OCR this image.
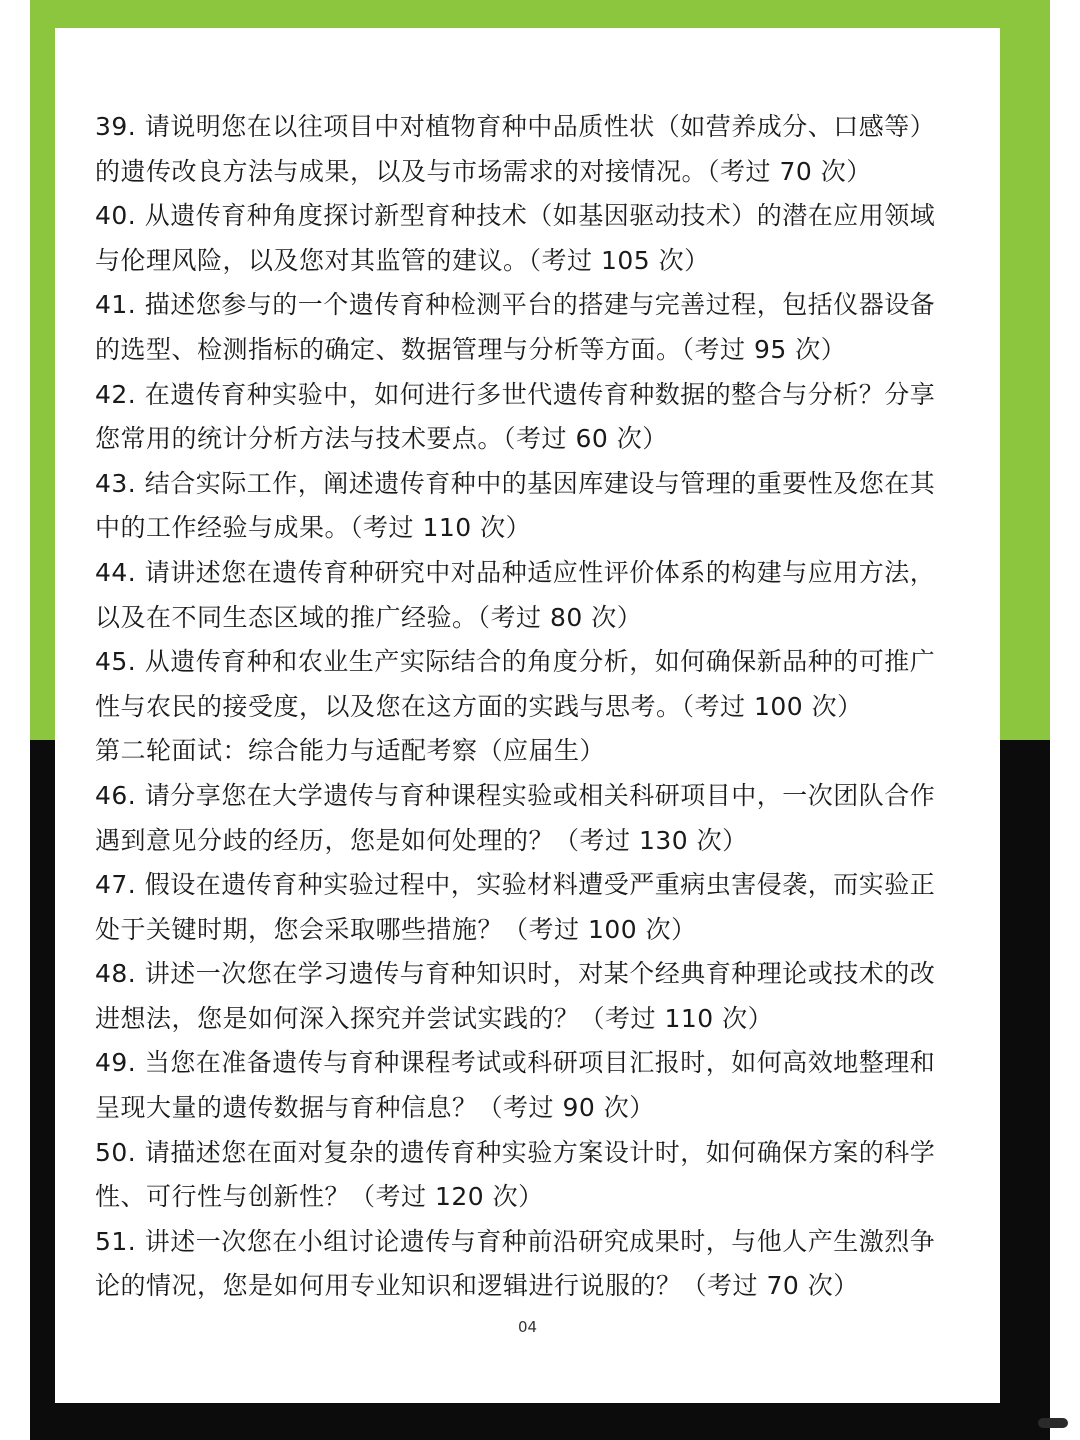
39. 请说明您在以往项目中对植物育种中品质性状（如营养成分、口感等）
的遗传改良方法与成果，以及与市场需求的对接情况。（考过 70 次）
40. 从遗传育种角度探讨新型育种技术（如基因驱动技术）的潜在应用领域
与伦理风险，以及您对其监管的建议。（考过 105 次）
41. 描述您参与的一个遗传育种检测平台的搭建与完善过程，包括仪器设备
的选型、检测指标的确定、数据管理与分析等方面。（考过 95 次）
42. 在遗传育种实验中，如何进行多世代遗传育种数据的整合与分析？分享
您常用的统计分析方法与技术要点。（考过 60 次）
43. 结合实际工作，阐述遗传育种中的基因库建设与管理的重要性及您在其
中的工作经验与成果。（考过 110 次）
44. 请讲述您在遗传育种研究中对品种适应性评价体系的构建与应用方法，
以及在不同生态区域的推广经验。（考过 80 次）
45. 从遗传育种和农业生产实际结合的角度分析，如何确保新品种的可推广
性与农民的接受度，以及您在这方面的实践与思考。（考过 100 次）
第二轮面试：综合能力与适配考察（应届生）
46. 请分享您在大学遗传与育种课程实验或相关科研项目中，一次团队合作
遇到意见分歧的经历，您是如何处理的？（考过 130 次）
47. 假设在遗传育种实验过程中，实验材料遭受严重病虫害侵袭，而实验正
处于关键时期，您会采取哪些措施？（考过 100 次）
48. 讲述一次您在学习遗传与育种知识时，对某个经典育种理论或技术的改
进想法，您是如何深入探究并尝试实践的？（考过 110 次）
49. 当您在准备遗传与育种课程考试或科研项目汇报时，如何高效地整理和
呈现大量的遗传数据与育种信息？（考过 90 次）
50. 请描述您在面对复杂的遗传育种实验方案设计时，如何确保方案的科学
性、可行性与创新性？（考过 120 次）
51. 讲述一次您在小组讨论遗传与育种前沿研究成果时，与他人产生激烈争
论的情况，您是如何用专业知识和逻辑进行说服的？（考过 70 次）
04
